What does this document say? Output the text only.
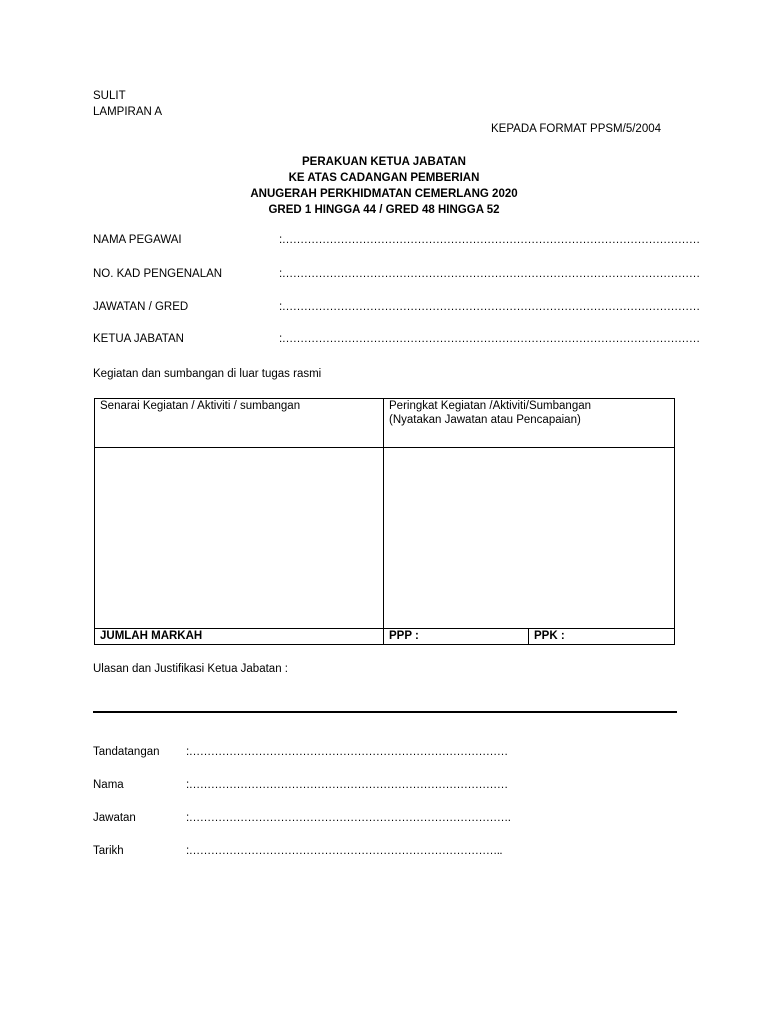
SULIT
LAMPIRAN A
KEPADA FORMAT PPSM/5/2004
PERAKUAN KETUA JABATAN
KE ATAS CADANGAN PEMBERIAN
ANUGERAH PERKHIDMATAN CEMERLANG 2020
GRED 1 HINGGA 44 / GRED 48 HINGGA 52
NAMA PEGAWAI	:……………………………………………………………………………………………………
NO. KAD PENGENALAN	:……………………………………………………………………………………………………
JAWATAN / GRED	:……………………………………………………………………………………………………
KETUA JABATAN	:……………………………………………………………………………………………………
Kegiatan dan sumbangan di luar tugas rasmi
Senarai Kegiatan / Aktiviti / sumbangan	Peringkat Kegiatan /Aktiviti/Sumbangan
(Nyatakan Jawatan atau Pencapaian)	

JUMLAH MARKAH	PPP :	PPK :
Ulasan dan Justifikasi Ketua Jabatan :
Tandatangan :……………………………………………………………………………
Nama	:……………………………………………………………………………
Jawatan	:…………………………………………………………………………….
Tarikh	:…………………………………………………………………………..
